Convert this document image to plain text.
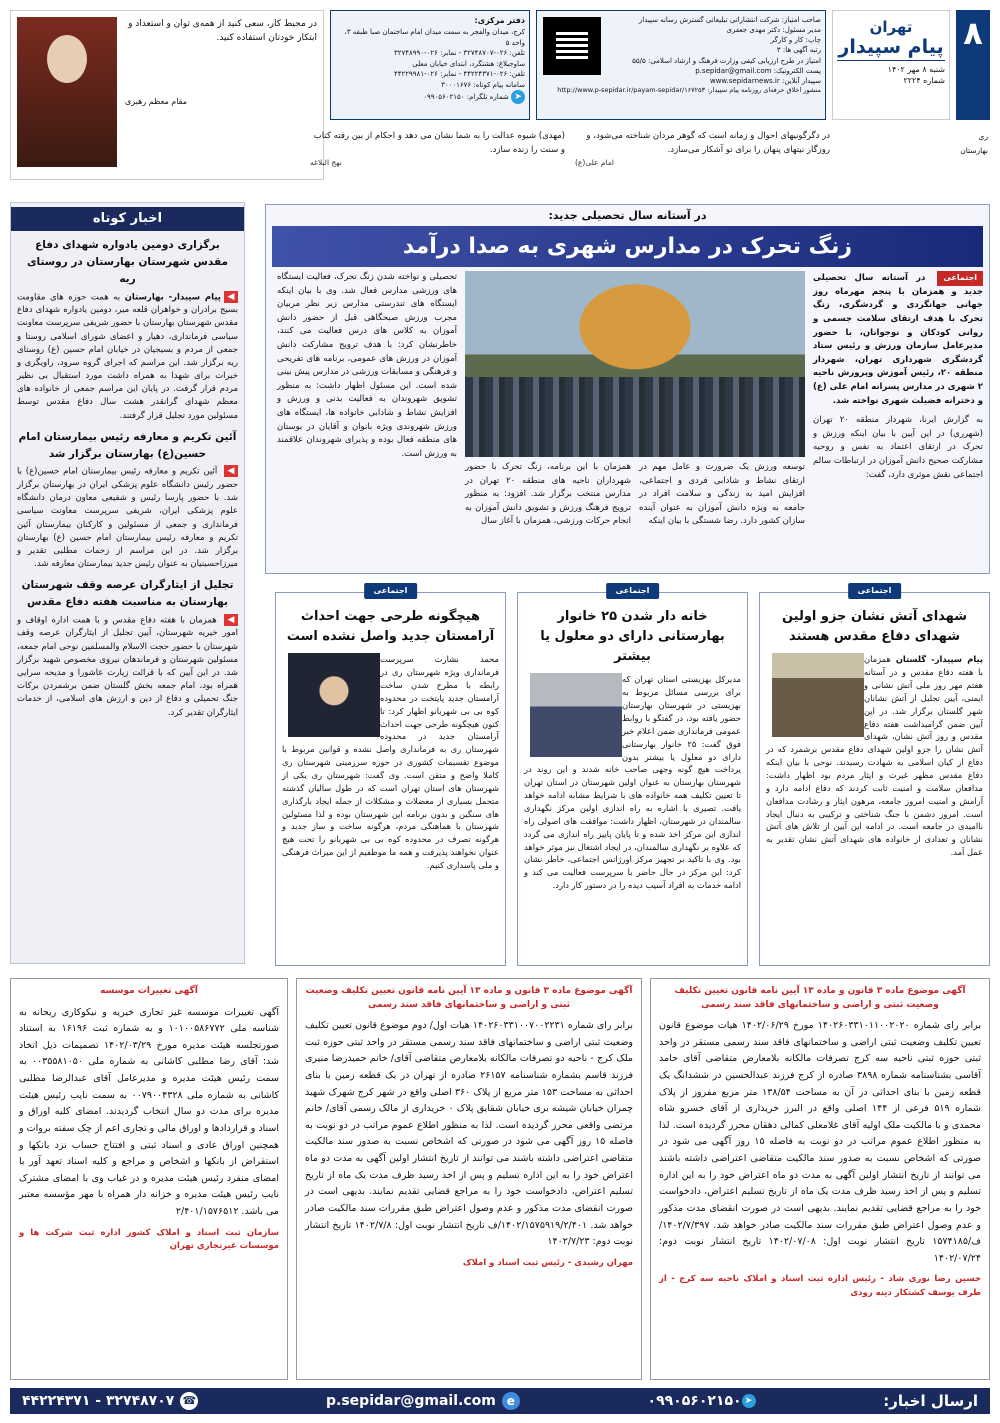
۸
تهران
پیام سپیدار
شنبه ۸ مهر ۱۴۰۲
شماره ۲۲۲۴
صاحب امتیاز: شرکت انتشاراتی تبلیغاتی گسترش رسانه سپیدار
مدیر مسئول: دکتر مهدی جعفری
چاپ: کار و کارگر
رتبه آگهی ها: ۳
امتیاز در طرح ارزیابی کیفی وزارت فرهنگ و ارشاد اسلامی: ۵۵/۵
پست الکترونیک: p.sepidar@gmail.com
سپیدار آنلاین: www.sepidarnews.ir
منشور اخلاق حرفه‌ای روزنامه پیام سپیدار: http://www.p-sepidar.ir/payam-sepidar/۱۶۷۲۵۳
دفتر مرکزی:
کرج، میدان والفجر به سمت میدان امام ساختمان صبا طبقه ۳، واحد ۵
تلفن: ۰۲۶-۳۲۷۴۸۷۰۷ - نمابر: ۰۲۶-۳۲۷۴۸۹۹۰
ساوجبلاغ: هشتگرد، ابتدای خیابان معلی
تلفن: ۰۲۶-۴۴۲۲۴۳۷۱ - نمابر: ۰۲۶-۴۴۲۲۹۹۸۱
سامانه پیام کوتاه: ۳۰۰۰۱۶۷۶
➤ شماره تلگرام: ۰۹۹۰۵۶۰۲۱۵۰
در محیط کار، سعی کنید از همه‌ی توان و استعداد و ابتکار خودتان استفاده کنید.
مقام معظم رهبری
ری
بهارستان
در دگرگونیهای احوال و زمانه است که گوهر مردان شناخته می‌شود، و روزگار نیتهای پنهان را برای تو آشکار می‌سازد.
امام علی(ع)
(مهدی) شیوه عدالت را به شما نشان می دهد و احکام از بین رفته کتاب و سنت را زنده سازد.
نهج البلاغه
در آستانه سال تحصیلی جدید:
زنگ تحرک در مدارس شهری به صدا درآمد
اجتماعی در آستانه سال تحصیلی جدید و همزمان با پنجم مهرماه روز جهانی جهانگردی و گردشگری، زنگ تحرک با هدف ارتقای سلامت جسمی و روانی کودکان و نوجوانان، با حضور مدیرعامل سازمان ورزش و رئیس ستاد گردشگری شهرداری تهران، شهردار منطقه ۲۰، رئیس آموزش وپرورش ناحیه ۲ شهری در مدارس پسرانه امام علی (ع) و دخترانه فضیلت شهری نواخته شد.
به گزارش ایرنا، شهردار منطقه ۲۰ تهران (شهرری) در این آیین با بیان اینکه ورزش و تحرک در ارتقای اعتماد به نفس و روحیه مشارکت صحیح دانش آموزان در ارتباطات سالم اجتماعی نقش موثری دارد، گفت:
توسعه ورزش یک ضرورت و عامل مهم در ارتقای نشاط و شادابی فردی و اجتماعی، افزایش امید به زندگی و سلامت افراد در جامعه به ویژه دانش آموزان به عنوان آینده سازان کشور دارد. رضا شستگی با بیان اینکه
همزمان با این برنامه، زنگ تحرک با حضور شهرداران ناحیه های منطقه ۲۰ تهران در مدارس منتخب برگزار شد. افزود: به منظور ترویج فرهنگ ورزش و تشویق دانش آموزان به انجام حرکات ورزشی، همزمان با آغاز سال
تحصیلی و نواخته شدن زنگ تحرک، فعالیت ایستگاه های ورزشی مدارس فعال شد. وی با بیان اینکه ایستگاه های تندرستی مدارس زیر نظر مربیان مجرب ورزش صبحگاهی قبل از حضور دانش آموزان به کلاس های درس فعالیت می کنند، خاطرنشان کرد: با هدف ترویج مشارکت دانش آموزان در ورزش های عمومی، برنامه های تفریحی و فرهنگی و مسابقات ورزشی در مدارس پیش بینی شده است. این مسئول اظهار داشت: به منظور تشویق شهروندان به فعالیت بدنی و ورزش و افزایش نشاط و شادابی خانواده ها، ایستگاه های ورزش شهروندی ویژه بانوان و آقایان در بوستان های منطقه فعال بوده و پذیرای شهروندان علاقمند به ورزش است.
اخبار کوتاه
برگزاری دومین یادواره شهدای دفاع مقدس شهرستان بهارستان در روستای ریه
◀پیام سپیدار- بهارستان به همت حوزه های مقاومت بسیج برادران و خواهران قلعه میر، دومین یادواره شهدای دفاع مقدس شهرستان بهارستان با حضور شریفی سرپرست معاونت سیاسی فرمانداری، دهیار و اعضای شورای اسلامی روستا و جمعی از مردم و بسیجیان در خیابان امام حسین (ع) روستای ریه برگزار شد. این مراسم که اجرای گروه سرود، راویگری و خیرات برای شهدا به همراه داشت مورد استقبال بی نظیر مردم قرار گرفت. در پایان این مراسم جمعی از خانواده های معظم شهدای گرانقدر هشت سال دفاع مقدس توسط مسئولین مورد تجلیل قرار گرفتند.
آئین تکریم و معارفه رئیس بیمارستان امام حسین(ع) بهارستان برگزار شد
◀ آئین تکریم و معارفه رئیس بیمارستان امام حسین(ع) با حضور رئیس دانشگاه علوم پزشکی ایران در بهارستان برگزار شد. با حضور پارسا رئیس و شفیعی معاون درمان دانشگاه علوم پزشکی ایران، شریفی سرپرست معاونت سیاسی فرمانداری و جمعی از مسئولین و کارکنان بیمارستان آئین تکریم و معارفه رئیس بیمارستان امام حسین (ع) بهارستان برگزار شد. در این مراسم از زحمات مطلبی تقدیر و میرزاحسینیان به عنوان رئیس جدید بیمارستان معارفه شد.
تجلیل از ایثارگران عرصه وقف شهرستان بهارستان به مناسبت هفته دفاع مقدس
◀ همزمان با هفته دفاع مقدس و با همت اداره اوقاف و امور خیریه شهرستان، آیین تجلیل از ایثارگران عرصه وقف شهرستان با حضور حجت الاسلام والمسلمین نوحی امام جمعه، مسئولین شهرستان و فرماندهان نیروی مخصوص شهید برگزار شد. در این آیین که با قرائت زیارت عاشورا و مدیحه سرایی همراه بود، امام جمعه بخش گلستان ضمن برشمردن برکات جنگ تحمیلی و دفاع از دین و ارزش های اسلامی، از خدمات ایثارگران تقدیر کرد.
اجتماعی
شهدای آتش نشان جزو اولین شهدای دفاع مقدس هستند
پیام سپیدار- گلستان همزمان با هفته دفاع مقدس و در آستانه هفتم مهر روز ملی آتش نشانی و ایمنی، آیین تجلیل از آتش نشانان شهر گلستان برگزار شد. در این آیین ضمن گرامیداشت هفته دفاع مقدس و روز آتش نشان، شهدای آتش نشان را جزو اولین شهدای دفاع مقدس برشمرد که در دفاع از کیان اسلامی به شهادت رسیدند. نوحی با بیان اینکه دفاع مقدس مظهر غیرت و ایثار مردم بود اظهار داشت: مدافعان سلامت و امنیت ثابت کردند که دفاع ادامه دارد و آرامش و امنیت امروز جامعه، مرهون ایثار و رشادت مدافعان است. امروز دشمن با جنگ شناختی و ترکیبی به دنبال ایجاد ناامیدی در جامعه است. در ادامه این آیین از تلاش های آتش نشانان و تعدادی از خانواده های شهدای آتش نشان تقدیر به عمل آمد.
اجتماعی
خانه دار شدن ۲۵ خانوار بهارستانی دارای دو معلول یا بیشتر
مدیرکل بهزیستی استان تهران که برای بررسی مسائل مربوط به بهزیستی در شهرستان بهارستان حضور یافته بود، در گفتگو با روابط عمومی فرمانداری ضمن اعلام خبر فوق گفت: ۲۵ خانوار بهارستانی دارای دو معلول یا بیشتر بدون پرداخت هیچ گونه وجهی صاحب خانه شدند و این روند در شهرستان بهارستان به عنوان اولین شهرستان در استان تهران تا تعیین تکلیف همه خانواده های با شرایط مشابه ادامه خواهد یافت. تصیری با اشاره به راه اندازی اولین مرکز نگهداری سالمندان در شهرستان، اظهار داشت: موافقت های اصولی راه اندازی این مرکز اخذ شده و تا پایان پاییز راه اندازی می گردد که علاوه بر نگهداری سالمندان، در ایجاد اشتغال نیز موثر خواهد بود. وی با تاکید بر تجهیز مرکز اورژانس اجتماعی، خاطر نشان کرد: این مرکز در حال حاضر با سرپرست فعالیت می کند و ادامه خدمات به افراد آسیب دیده را در دستور کار دارد.
اجتماعی
هیچگونه طرحی جهت احداث آرامستان جدید واصل نشده است
محمد بشارت سرپرست فرمانداری ویژه شهرستان ری در رابطه با مطرح شدن ساخت آرامستان جدید پایتخت در محدوده کوه بی بی شهربانو اظهار کرد: تا کنون هیچگونه طرحی جهت احداث آرامستان جدید در محدوده شهرستان ری به فرمانداری واصل نشده و قوانین مربوط با موضوع تقسیمات کشوری در حوزه سرزمینی شهرستان ری کاملا واضح و متقن است. وی گفت: شهرستان ری یکی از شهرستان های استان تهران است که در طول سالیان گذشته متحمل بسیاری از معضلات و مشکلات از جمله ایجاد بارگذاری های سنگین و بدون برنامه این شهرستان بوده و لذا مسئولین شهرستان با هماهنگی مردم، هرگونه ساخت و ساز جدید و هرگونه تصرف در محدوده کوه بی بی شهربانو را تحت هیچ عنوان نخواهند پذیرفت و همه ما موظفیم از این میراث فرهنگی و ملی پاسداری کنیم.
آگهی موضوع ماده ۳ قانون و ماده ۱۳ آیین نامه قانون تعیین تکلیف وضعیت ثبتی و اراضی و ساختمانهای فاقد سند رسمی
برابر رای شماره ۱۴۰۲۶۰۳۳۱۰۱۱۰۰۲۰۲۰ مورخ ۱۴۰۲/۰۶/۲۹ هیات موضوع قانون تعیین تکلیف وضعیت ثبتی اراضی و ساختمانهای فاقد سند رسمی مستقر در واحد ثبتی حوزه ثبتی ناحیه سه کرج تصرفات مالکانه بلامعارض متقاضی آقای حامد آقاسی بشناسنامه شماره ۳۸۹۸ صادره از کرج فرزند عبدالحسین در ششدانگ یک قطعه زمین با بنای احداثی در آن به مساحت ۱۳۸/۵۴ متر مربع مفروز از پلاک شماره ۵۱۹ فرعی از ۱۴۴ اصلی واقع در البرز خریداری از آقای خسرو شاه محمدی و با مالکیت ملک اولیه آقای غلامعلی کمالی دهقان محرز گردیده است. لذا به منظور اطلاع عموم مراتب در دو نوبت به فاصله ۱۵ روز آگهی می شود در صورتی که اشخاص نسبت به صدور سند مالکیت متقاضی اعتراضی داشته باشند می توانند از تاریخ انتشار اولین آگهی به مدت دو ماه اعتراض خود را به این اداره تسلیم و پس از اخذ رسید ظرف مدت یک ماه از تاریخ تسلیم اعتراض، دادخواست خود را به مراجع قضایی تقدیم نمایند. بدیهی است در صورت انقضای مدت مذکور و عدم وصول اعتراض طبق مقررات سند مالکیت صادر خواهد شد. ۱۴۰۲/۷/۳۹۷/ف/۱۵۷۴۱۸۵ تاریخ انتشار نوبت اول: ۱۴۰۲/۰۷/۰۸ تاریخ انتشار نوبت دوم: ۱۴۰۲/۰۷/۲۴
حسین رضا نوری شاد - رئیس اداره ثبت اسناد و املاک ناحیه سه کرج - از طرف یوسف کشتکار دینه رودی
آگهی موضوع ماده ۳ قانون و ماده ۱۳ آیین نامه قانون تعیین تکلیف وضعیت ثبتی و اراضی و ساختمانهای فاقد سند رسمی
برابر رای شماره ۱۴۰۲۶۰۳۳۱۰۰۷۰۰۲۲۳۱ هیات اول/ دوم موضوع قانون تعیین تکلیف وضعیت ثبتی اراضی و ساختمانهای فاقد سند رسمی مستقر در واحد ثبتی حوزه ثبت ملک کرج - ناحیه دو تصرفات مالکانه بلامعارض متقاضی آقای/ خانم حمیدرضا منیری فرزند قاسم بشماره شناسنامه ۲۶۱۵۷ صادره از تهران در یک قطعه زمین با بنای احداثی به مساحت ۱۵۳ متر مربع از پلاک ۳۶۰ اصلی واقع در شهر کرج شهرک شهید چمران خیابان شیشه بری خیابان شقایق پلاک ۰ خریداری از مالک رسمی آقای/ خانم مرتضی واقعی محرز گردیده است. لذا به منظور اطلاع عموم مراتب در دو نوبت به فاصله ۱۵ روز آگهی می شود در صورتی که اشخاص نسبت به صدور سند مالکیت متقاضی اعتراضی داشته باشند می توانند از تاریخ انتشار اولین آگهی به مدت دو ماه اعتراض خود را به این اداره تسلیم و پس از اخذ رسید ظرف مدت یک ماه از تاریخ تسلیم اعتراض، دادخواست خود را به مراجع قضایی تقدیم نمایند. بدیهی است در صورت انقضای مدت مذکور و عدم وصول اعتراض طبق مقررات سند مالکیت صادر خواهد شد. ۱۴۰۲/۱۵۷۵۹۱۹/۲/۴۰۱/ف تاریخ انتشار نوبت اول: ۱۴۰۲/۷/۸ تاریخ انتشار نوبت دوم: ۱۴۰۲/۷/۲۳
مهران رشیدی - رئیس ثبت اسناد و املاک
آگهی تغییرات موسسه
آگهی تغییرات موسسه غیر تجاری خیریه و نیکوکاری ریحانه به شناسه ملی ۱۰۱۰۰۵۸۶۷۷۲ و به شماره ثبت ۱۶۱۹۶ به استناد صورتجلسه هیئت مدیره مورخ ۱۴۰۲/۰۳/۲۹ تصمیمات ذیل اتخاذ شد: آقای رضا مطلبی کاشانی به شماره ملی ۰۰۳۵۵۸۱۰۵۰ به سمت رئیس هیئت مدیره و مدیرعامل آقای عبدالرضا مطلبی کاشانی به شماره ملی ۰۰۷۹۰۰۴۳۲۸ به سمت نایب رئیس هیئت مدیره برای مدت دو سال انتخاب گردیدند. امضای کلیه اوراق و اسناد و قراردادها و اوراق مالی و تجاری اعم از چک سفته بروات و همچنین اوراق عادی و اسناد ثبتی و افتتاح حساب نزد بانکها و استقراض از بانکها و اشخاص و مراجع و کلیه اسناد تعهد آور با امضای منفرد رئیس هیئت مدیره و در غیاب وی با امضای مشترک نایب رئیس هیئت مدیره و خزانه دار همراه با مهر مؤسسه معتبر می باشد. ۲/۴۰۱/۱۵۷۶۵۱۲
سازمان ثبت اسناد و املاک کشور اداره ثبت شرکت ها و موسسات غیرتجاری تهران
ارسال اخبار:
➤۰۹۹۰۵۶۰۲۱۵۰
ep.sepidar@gmail.com
☎۳۲۷۴۸۷۰۷ - ۴۴۲۲۴۳۷۱
